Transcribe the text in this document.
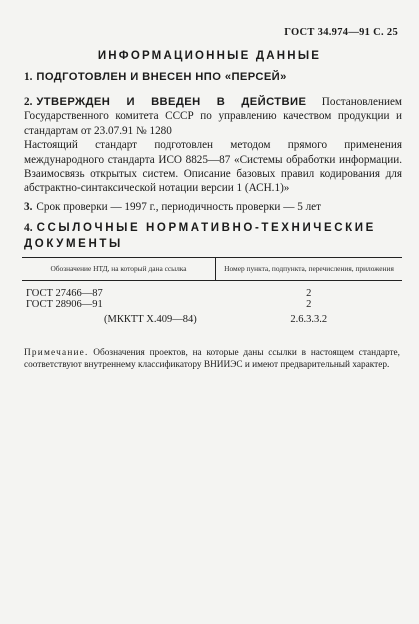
ГОСТ 34.974—91 С. 25
ИНФОРМАЦИОННЫЕ ДАННЫЕ
1. ПОДГОТОВЛЕН И ВНЕСЕН НПО «ПЕРСЕЙ»
2. УТВЕРЖДЕН И ВВЕДЕН В ДЕЙСТВИЕ Постановлением Государственного комитета СССР по управлению качеством продукции и стандартам от 23.07.91 № 1280
Настоящий стандарт подготовлен методом прямого применения международного стандарта ИСО 8825—87 «Системы обработки информации. Взаимосвязь открытых систем. Описание базовых правил кодирования для абстрактно-синтаксической нотации версии 1 (АСН.1)»
3. Срок проверки — 1997 г., периодичность проверки — 5 лет
4. ССЫЛОЧНЫЕ НОРМАТИВНО-ТЕХНИЧЕСКИЕ ДОКУМЕНТЫ
Обозначение НТД, на который дана ссылка	Номер пункта, подпункта, перечисления, приложения
ГОСТ 27466—87	2
ГОСТ 28906—91	2
(МККТТ Х.409—84)	2.6.3.3.2
Примечание. Обозначения проектов, на которые даны ссылки в настоящем стандарте, соответствуют внутреннему классификатору ВНИИЭС и имеют предварительный характер.
